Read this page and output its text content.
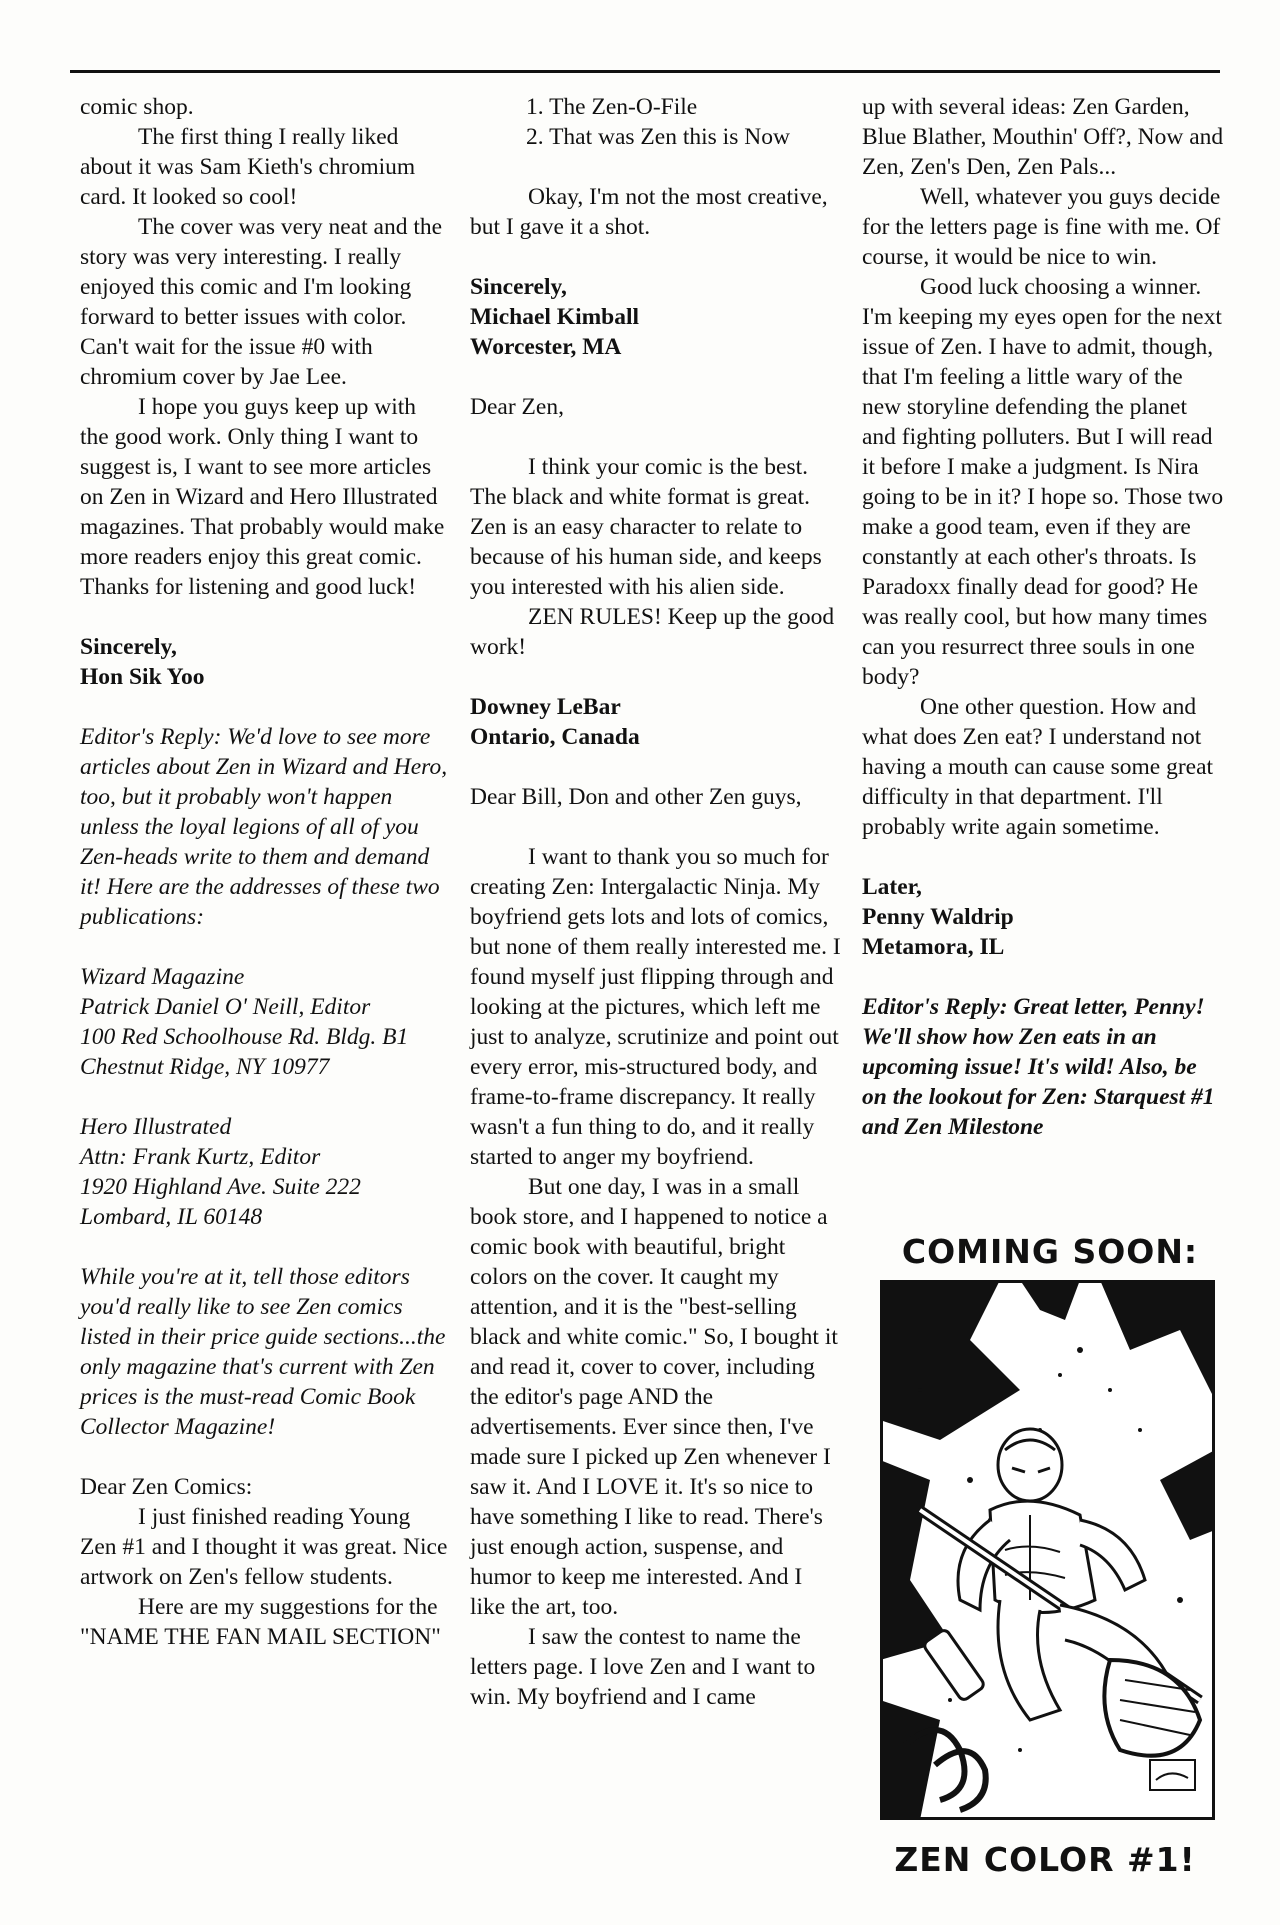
comic shop.

The first thing I really liked about it was Sam Kieth's chromium card. It looked so cool!

The cover was very neat and the story was very interesting. I really enjoyed this comic and I'm looking forward to better issues with color. Can't wait for the issue #0 with chromium cover by Jae Lee.

I hope you guys keep up with the good work. Only thing I want to suggest is, I want to see more articles on Zen in Wizard and Hero Illustrated magazines. That probably would make more readers enjoy this great comic. Thanks for listening and good luck!

Sincerely,

Hon Sik Yoo

Editor's Reply: We'd love to see more articles about Zen in Wizard and Hero, too, but it probably won't happen unless the loyal legions of all of you Zen-heads write to them and demand it! Here are the addresses of these two publications:

Wizard Magazine

Patrick Daniel O' Neill, Editor

100 Red Schoolhouse Rd. Bldg. B1

Chestnut Ridge, NY 10977

Hero Illustrated

Attn: Frank Kurtz, Editor

1920 Highland Ave. Suite 222

Lombard, IL 60148

While you're at it, tell those editors you'd really like to see Zen comics listed in their price guide sections...the only magazine that's current with Zen prices is the must-read Comic Book Collector Magazine!

Dear Zen Comics:

I just finished reading Young Zen #1 and I thought it was great. Nice artwork on Zen's fellow students.

Here are my suggestions for the "NAME THE FAN MAIL SECTION"

1. The Zen-O-File

2. That was Zen this is Now

Okay, I'm not the most creative, but I gave it a shot.

Sincerely,

Michael Kimball

Worcester, MA

Dear Zen,

I think your comic is the best. The black and white format is great. Zen is an easy character to relate to because of his human side, and keeps you interested with his alien side.

ZEN RULES! Keep up the good work!

Downey LeBar

Ontario, Canada

Dear Bill, Don and other Zen guys,

I want to thank you so much for creating Zen: Intergalactic Ninja. My boyfriend gets lots and lots of comics, but none of them really interested me. I found myself just flipping through and looking at the pictures, which left me just to analyze, scrutinize and point out every error, mis-structured body, and frame-to-frame discrepancy. It really wasn't a fun thing to do, and it really started to anger my boyfriend.

But one day, I was in a small book store, and I happened to notice a comic book with beautiful, bright colors on the cover. It caught my attention, and it is the "best-selling black and white comic." So, I bought it and read it, cover to cover, including the editor's page AND the advertisements. Ever since then, I've made sure I picked up Zen whenever I saw it. And I LOVE it. It's so nice to have something I like to read. There's just enough action, suspense, and humor to keep me interested. And I like the art, too.

I saw the contest to name the letters page. I love Zen and I want to win. My boyfriend and I came

up with several ideas: Zen Garden, Blue Blather, Mouthin' Off?, Now and Zen, Zen's Den, Zen Pals...

Well, whatever you guys decide for the letters page is fine with me. Of course, it would be nice to win.

Good luck choosing a winner. I'm keeping my eyes open for the next issue of Zen. I have to admit, though, that I'm feeling a little wary of the new storyline defending the planet and fighting polluters. But I will read it before I make a judgment. Is Nira going to be in it? I hope so. Those two make a good team, even if they are constantly at each other's throats. Is Paradoxx finally dead for good? He was really cool, but how many times can you resurrect three souls in one body?

One other question. How and what does Zen eat? I understand not having a mouth can cause some great difficulty in that department. I'll probably write again sometime.

Later,

Penny Waldrip

Metamora, IL

Editor's Reply: Great letter, Penny! We'll show how Zen eats in an upcoming issue! It's wild! Also, be on the lookout for Zen: Starquest #1 and Zen Milestone

COMING SOON:
ZEN COLOR #1!
